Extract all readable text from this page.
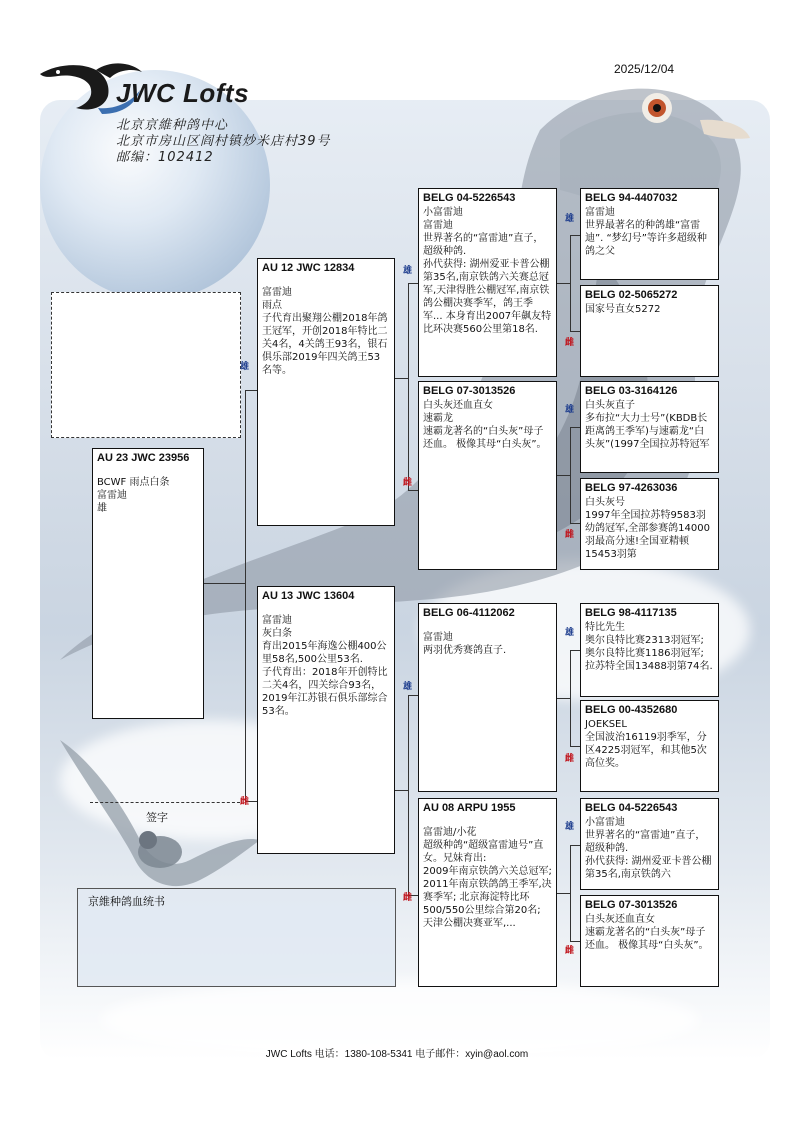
JWC Lofts
北京京維种鸽中心
北京市房山区阎村镇炒米店村39号
邮编：102412
2025/12/04
雄
雌
雄
雌
雄
雌
雄
雌
雄
雌
雄
雌
雄
雌
AU 23 JWC 23956
BCWF 雨点白条
富雷迪
雄
AU 12 JWC 12834
富雷迪
雨点
子代育出聚翔公棚2018年鸽王冠军，开创2018年特比二关4名，4关鸽王93名，银石俱乐部2019年四关鸽王53名等。
AU 13 JWC 13604
富雷迪
灰白条
育出2015年海逸公棚400公里58名,500公里53名.
子代育出：2018年开创特比二关4名，四关综合93名，2019年江苏银石俱乐部综合53名。
BELG 04-5226543
小富雷迪
富雷迪
世界著名的“富雷迪”直子，超级种鸽.
孙代获得: 湖州爱亚卡普公棚第35名,南京铁鸽六关赛总冠军,天津得胜公棚冠军,南京铁鸽公棚决赛季军，鸽王季军... 本身育出2007年飙友特比环决赛560公里第18名.
BELG 07-3013526
白头灰还血直女
速霸龙
速霸龙著名的“白头灰”母子还血。 极像其母“白头灰”。
BELG 06-4112062
富雷迪
两羽优秀赛鸽直子.
AU 08 ARPU 1955
富雷迪/小花
超级种鸽“超级富雷迪号”直女。兄妹育出:
2009年南京铁鸽六关总冠军; 2011年南京铁鸽鸽王季军,决赛季军; 北京海淀特比环500/550公里综合第20名; 天津公棚决赛亚军,...
BELG 94-4407032
富雷迪
世界最著名的种鸽雄“富雷迪”. “梦幻号”等许多超级种鸽之父
BELG 02-5065272
国家号直女5272
BELG 03-3164126
白头灰直子
多布拉“大力士号”(KBDB长距离鸽王季军)与速霸龙“白头灰”(1997全国拉苏特冠军
BELG 97-4263036
白头灰号
1997年全国拉苏特9583羽幼鸽冠军,全部参赛鸽14000羽最高分速!全国亚精顿15453羽第
BELG 98-4117135
特比先生
奥尔良特比赛2313羽冠军; 奥尔良特比赛1186羽冠军; 拉苏特全国13488羽第74名.
BELG 00-4352680
JOEKSEL
全国波治16119羽季军，分区4225羽冠军，和其他5次高位奖。
BELG 04-5226543
小富雷迪
世界著名的“富雷迪”直子，超级种鸽.
孙代获得: 湖州爱亚卡普公棚第35名,南京铁鸽六
BELG 07-3013526
白头灰还血直女
速霸龙著名的“白头灰”母子还血。 极像其母“白头灰”。
签字
京維种鸽血统书
JWC Lofts 电话：1380-108-5341 电子邮件：xyin@aol.com
